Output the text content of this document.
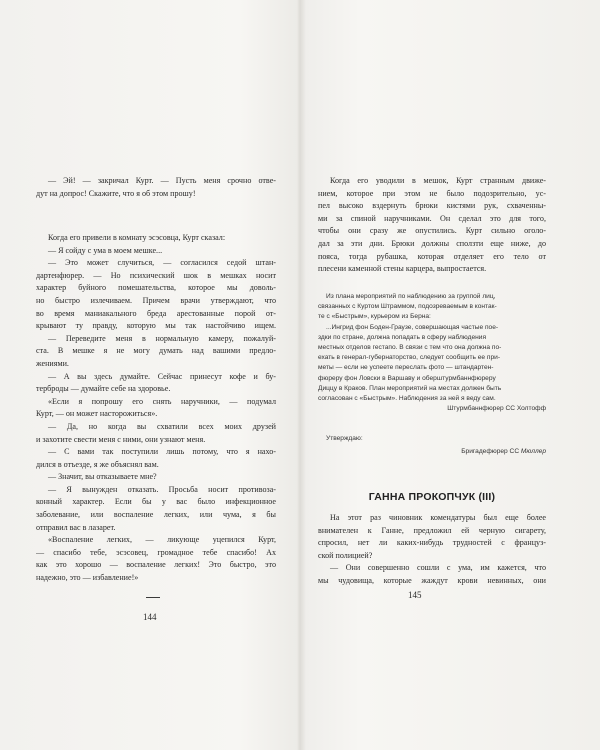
— Эй! — закричал Курт. — Пусть меня срочно отве-
дут на допрос! Скажите, что я об этом прошу!
Когда его привели в комнату эсэсовца, Курт сказал:
— Я сойду с ума в моем мешке...
— Это может случиться, — согласился седой штан-
дартенфюрер. — Но психический шок в мешках носит
характер буйного помешательства, которое мы доволь-
но быстро излечиваем. Причем врачи утверждают, что
во время маниакального бреда арестованные порой от-
крывают ту правду, которую мы так настойчиво ищем.
— Переведите меня в нормальную камеру, пожалуй-
ста. В мешке я не могу думать над вашими предло-
жениями.
— А вы здесь думайте. Сейчас принесут кофе и бу-
терброды — думайте себе на здоровье.
«Если я попрошу его снять наручники, — подумал
Курт, — он может насторожиться».
— Да, но когда вы схватили всех моих друзей
и захотите свести меня с ними, они узнают меня.
— С вами так поступили лишь потому, что я нахо-
дился в отъезде, я же объяснял вам.
— Значит, вы отказываете мне?
— Я вынужден отказать. Просьба носит противоза-
конный характер. Если бы у вас было инфекционное
заболевание, или воспаление легких, или чума, я бы
отправил вас в лазарет.
«Воспаление легких, — ликующе уцепился Курт,
— спасибо тебе, эсэсовец, громадное тебе спасибо! Ах
как это хорошо — воспаление легких! Это быстро, это
надежно, это — избавление!»
144
Когда его уводили в мешок, Курт странным движе-
нием, которое при этом не было подозрительно, ус-
пел высоко вздернуть брюки кистями рук, схваченны-
ми за спиной наручниками. Он сделал это для того,
чтобы они сразу же опустились. Курт сильно оголо-
дал за эти дни. Брюки должны сползти еще ниже, до
пояса, тогда рубашка, которая отделяет его тело от
плесени каменной стены карцера, выпростается.
Из плана мероприятий по наблюдению за группой лиц,
связанных с Куртом Штраммом, подозреваемым в контак-
те с «Быстрым», курьером из Берна:
...Ингрид фон Боден-Граузе, совершающая частые пое-
здки по стране, должна попадать в сферу наблюдения
местных отделов гестапо. В связи с тем что она должна по-
ехать в генерал-губернаторство, следует сообщить ее при-
меты — если не успеете переслать фото — штандартен-
фюреру фон Ловски в Варшаву и оберштурмбаннфюреру
Диццу в Краков. План мероприятий на местах должен быть
согласован с «Быстрым». Наблюдения за ней я веду сам.
Штурмбаннфюрер СС Холтофф
Утверждаю:
Бригадефюрер СС Мюллер
ГАННА ПРОКОПЧУК (III)
На этот раз чиновник комендатуры был еще более
внимателен к Ганне, предложил ей черную сигарету,
спросил, нет ли каких-нибудь трудностей с француз-
ской полицией?
— Они совершенно сошли с ума, им кажется, что
мы чудовища, которые жаждут крови невинных, они
145
